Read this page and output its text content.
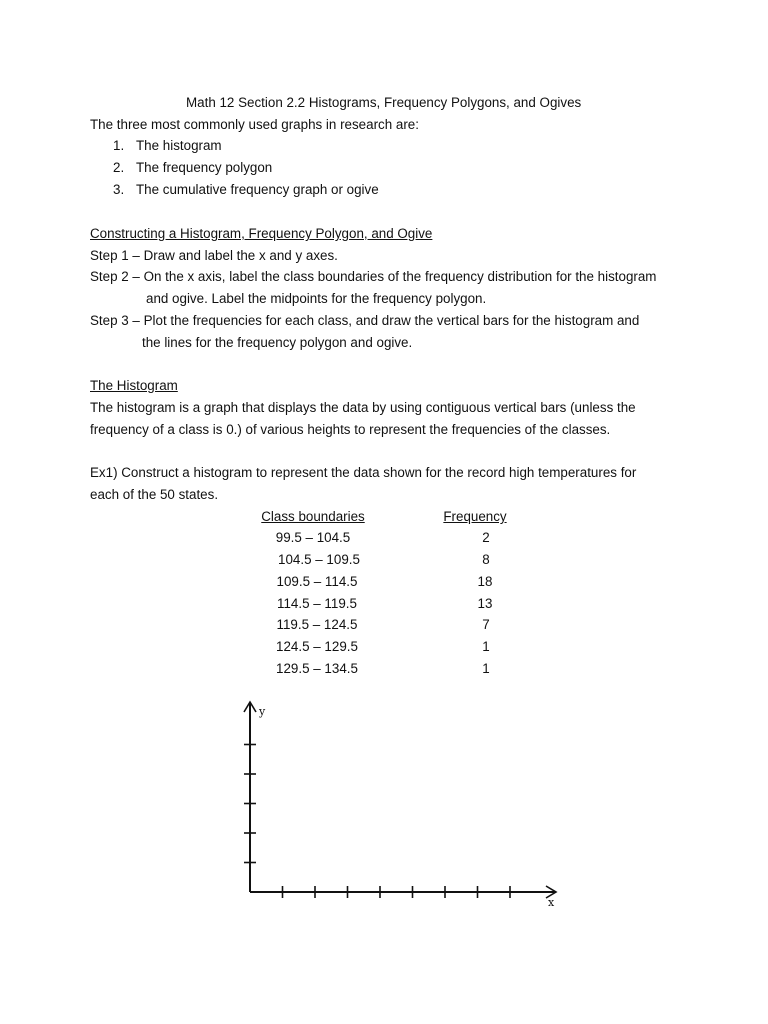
Math 12 Section 2.2 Histograms, Frequency Polygons, and Ogives
The three most commonly used graphs in research are:
1. The histogram
2. The frequency polygon
3. The cumulative frequency graph or ogive
Constructing a Histogram, Frequency Polygon, and Ogive
Step 1 – Draw and label the x and y axes.
Step 2 – On the x axis, label the class boundaries of the frequency distribution for the histogram
and ogive. Label the midpoints for the frequency polygon.
Step 3 – Plot the frequencies for each class, and draw the vertical bars for the histogram and
the lines for the frequency polygon and ogive.
The Histogram
The histogram is a graph that displays the data by using contiguous vertical bars (unless the
frequency of a class is 0.) of various heights to represent the frequencies of the classes.
Ex1) Construct a histogram to represent the data shown for the record high temperatures for
each of the 50 states.
Class boundaries	Frequency
99.5 – 104.5	2
104.5 – 109.5	8
109.5 – 114.5	18
114.5 – 119.5	13
119.5 – 124.5	7
124.5 – 129.5	1
129.5 – 134.5	1
y
x
